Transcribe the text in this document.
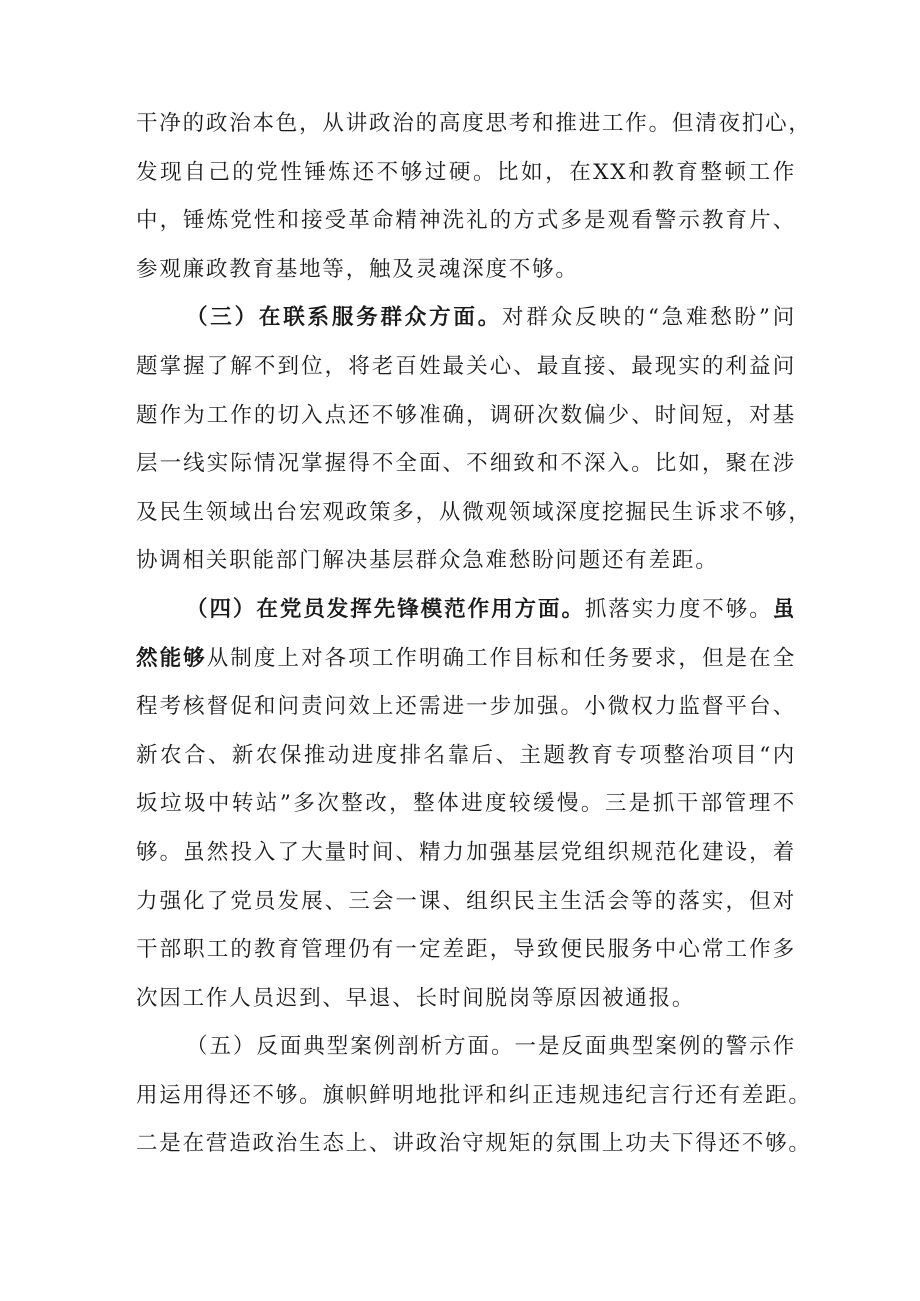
干净的政治本色，从讲政治的高度思考和推进工作。但清夜扪心，
发现自己的党性锤炼还不够过硬。比如，在XX和教育整顿工作
中，锤炼党性和接受革命精神洗礼的方式多是观看警示教育片、
参观廉政教育基地等，触及灵魂深度不够。
（三）在联系服务群众方面。对群众反映的“急难愁盼”问
题掌握了解不到位，将老百姓最关心、最直接、最现实的利益问
题作为工作的切入点还不够准确，调研次数偏少、时间短，对基
层一线实际情况掌握得不全面、不细致和不深入。比如，聚在涉
及民生领域出台宏观政策多，从微观领域深度挖掘民生诉求不够，
协调相关职能部门解决基层群众急难愁盼问题还有差距。
（四）在党员发挥先锋模范作用方面。抓落实力度不够。虽
然能够从制度上对各项工作明确工作目标和任务要求，但是在全
程考核督促和问责问效上还需进一步加强。小微权力监督平台、
新农合、新农保推动进度排名靠后、主题教育专项整治项目“内
坂垃圾中转站”多次整改，整体进度较缓慢。三是抓干部管理不
够。虽然投入了大量时间、精力加强基层党组织规范化建设，着
力强化了党员发展、三会一课、组织民主生活会等的落实，但对
干部职工的教育管理仍有一定差距，导致便民服务中心常工作多
次因工作人员迟到、早退、长时间脱岗等原因被通报。
（五）反面典型案例剖析方面。一是反面典型案例的警示作
用运用得还不够。旗帜鲜明地批评和纠正违规违纪言行还有差距。
二是在营造政治生态上、讲政治守规矩的氛围上功夫下得还不够。
